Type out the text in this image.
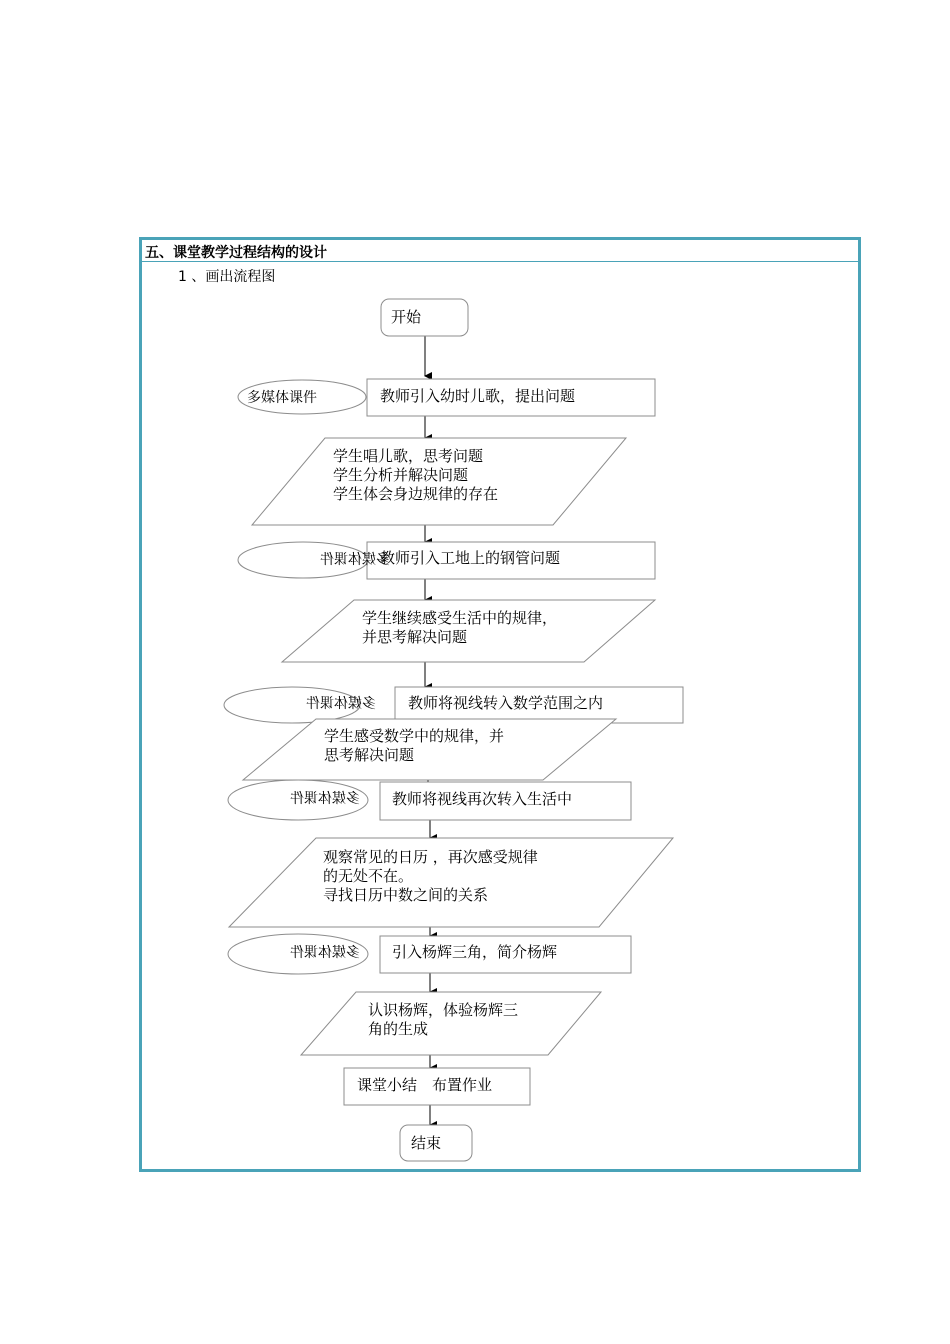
五、课堂教学过程结构的设计
1 、画出流程图
开始
多媒体课件	教师引入幼时儿歌，提出问题
学生唱儿歌，思考问题
学生分析并解决问题
学生体会身边规律的存在
多媒体课件
教师引入工地上的钢管问题
学生继续感受生活中的规律，
并思考解决问题
多媒体课件 教师将视线转入数学范围之内
学生感受数学中的规律，并
思考解决问题
多媒体课件 教师将视线再次转入生活中
观察常见的日历 ，再次感受规律
的无处不在。
寻找日历中数之间的关系
多媒体课件 引入杨辉三角，简介杨辉
认识杨辉，体验杨辉三
角的生成
课堂小结　布置作业
结束
